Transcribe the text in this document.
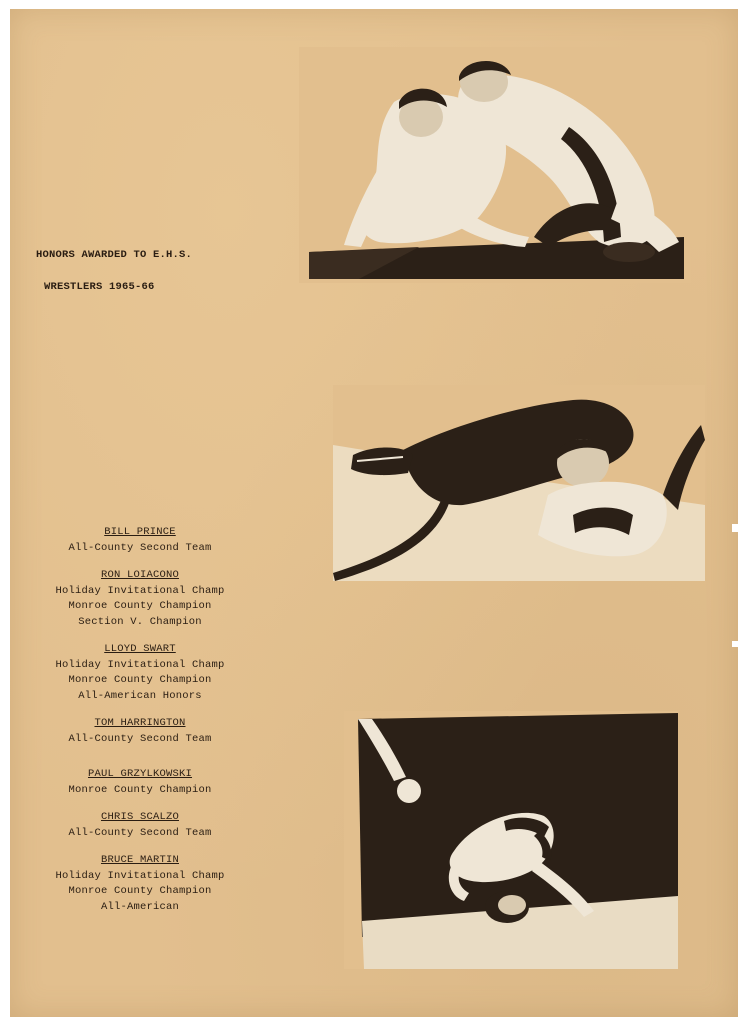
HONORS AWARDED TO E.H.S.
WRESTLERS 1965-66
BILL PRINCE
All-County Second Team
RON LOIACONO
Holiday Invitational Champ
Monroe County Champion
Section V. Champion
LLOYD SWART
Holiday Invitational Champ
Monroe County Champion
All-American Honors
TOM HARRINGTON
All-County Second Team
PAUL GRZYLKOWSKI
Monroe County Champion
CHRIS SCALZO
All-County Second Team
BRUCE MARTIN
Holiday Invitational Champ
Monroe County Champion
All-American
